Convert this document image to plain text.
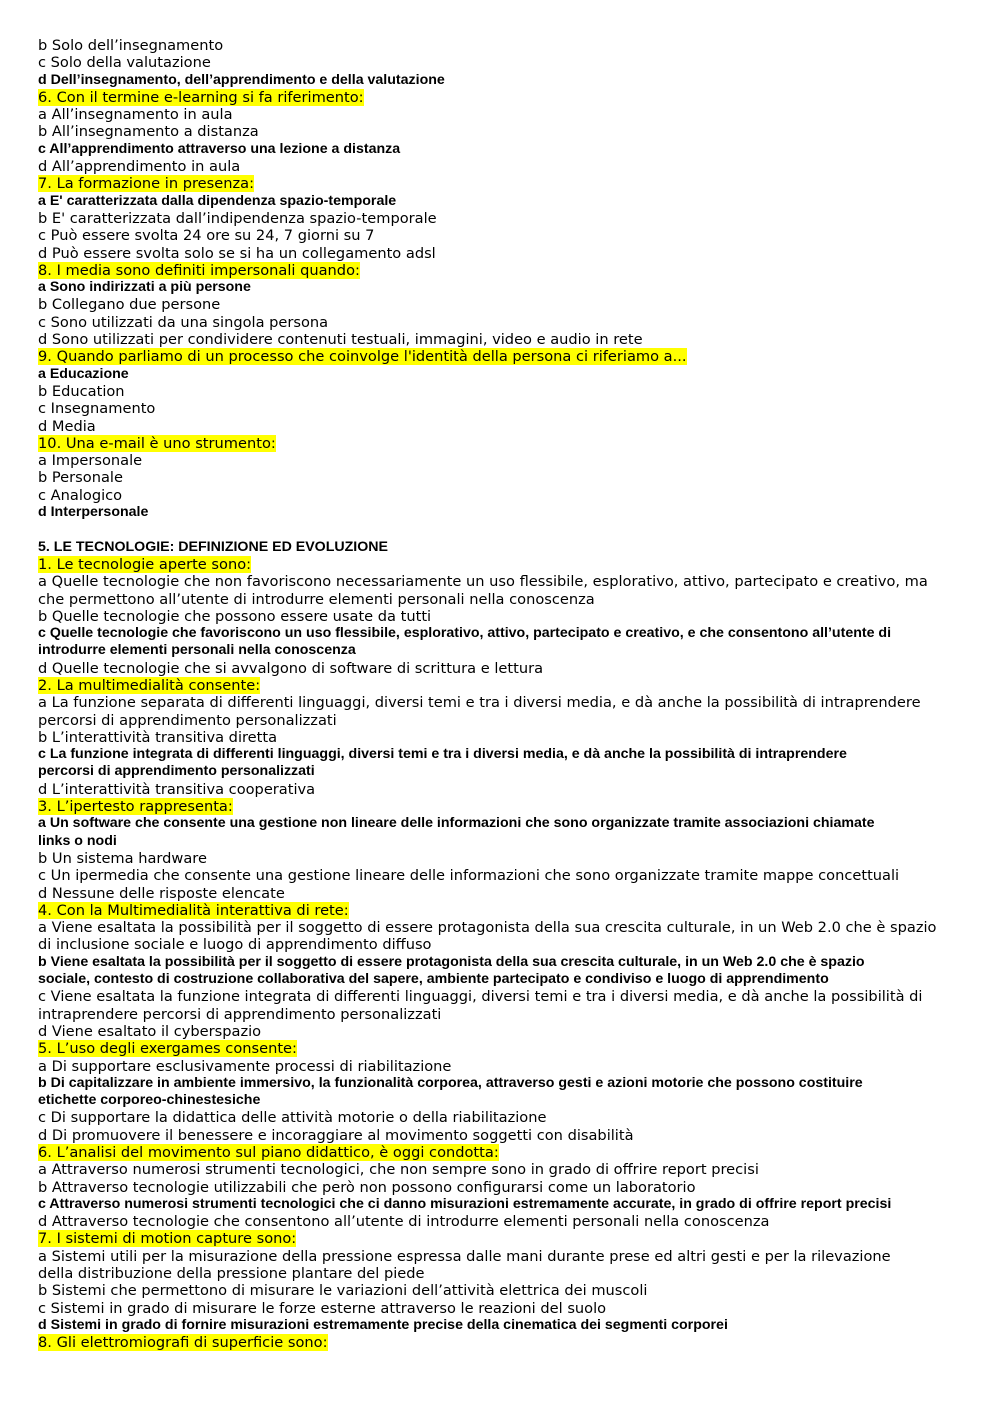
b Solo dell’insegnamento
c Solo della valutazione
d Dell’insegnamento, dell’apprendimento e della valutazione
6. Con il termine e-learning si fa riferimento:
a All’insegnamento in aula
b All’insegnamento a distanza
c All’apprendimento attraverso una lezione a distanza
d All’apprendimento in aula
7. La formazione in presenza:
a E' caratterizzata dalla dipendenza spazio-temporale
b E' caratterizzata dall’indipendenza spazio-temporale
c Può essere svolta 24 ore su 24, 7 giorni su 7
d Può essere svolta solo se si ha un collegamento adsl
8. I media sono definiti impersonali quando:
a Sono indirizzati a più persone
b Collegano due persone
c Sono utilizzati da una singola persona
d Sono utilizzati per condividere contenuti testuali, immagini, video e audio in rete
9. Quando parliamo di un processo che coinvolge l'identità della persona ci riferiamo a...
a Educazione
b Education
c Insegnamento
d Media
10. Una e-mail è uno strumento:
a Impersonale
b Personale
c Analogico
d Interpersonale
5. LE TECNOLOGIE: DEFINIZIONE ED EVOLUZIONE
1. Le tecnologie aperte sono:
a Quelle tecnologie che non favoriscono necessariamente un uso flessibile, esplorativo, attivo, partecipato e creativo, ma
che permettono all’utente di introdurre elementi personali nella conoscenza
b Quelle tecnologie che possono essere usate da tutti
c Quelle tecnologie che favoriscono un uso flessibile, esplorativo, attivo, partecipato e creativo, e che consentono all’utente di
introdurre elementi personali nella conoscenza
d Quelle tecnologie che si avvalgono di software di scrittura e lettura
2. La multimedialità consente:
a La funzione separata di differenti linguaggi, diversi temi e tra i diversi media, e dà anche la possibilità di intraprendere
percorsi di apprendimento personalizzati
b L’interattività transitiva diretta
c La funzione integrata di differenti linguaggi, diversi temi e tra i diversi media, e dà anche la possibilità di intraprendere
percorsi di apprendimento personalizzati
d L’interattività transitiva cooperativa
3. L’ipertesto rappresenta:
a Un software che consente una gestione non lineare delle informazioni che sono organizzate tramite associazioni chiamate
links o nodi
b Un sistema hardware
c Un ipermedia che consente una gestione lineare delle informazioni che sono organizzate tramite mappe concettuali
d Nessune delle risposte elencate
4. Con la Multimedialità interattiva di rete:
a Viene esaltata la possibilità per il soggetto di essere protagonista della sua crescita culturale, in un Web 2.0 che è spazio
di inclusione sociale e luogo di apprendimento diffuso
b Viene esaltata la possibilità per il soggetto di essere protagonista della sua crescita culturale, in un Web 2.0 che è spazio
sociale, contesto di costruzione collaborativa del sapere, ambiente partecipato e condiviso e luogo di apprendimento
c Viene esaltata la funzione integrata di differenti linguaggi, diversi temi e tra i diversi media, e dà anche la possibilità di
intraprendere percorsi di apprendimento personalizzati
d Viene esaltato il cyberspazio
5. L’uso degli exergames consente:
a Di supportare esclusivamente processi di riabilitazione
b Di capitalizzare in ambiente immersivo, la funzionalità corporea, attraverso gesti e azioni motorie che possono costituire
etichette corporeo-chinestesiche
c Di supportare la didattica delle attività motorie o della riabilitazione
d Di promuovere il benessere e incoraggiare al movimento soggetti con disabilità
6. L’analisi del movimento sul piano didattico, è oggi condotta:
a Attraverso numerosi strumenti tecnologici, che non sempre sono in grado di offrire report precisi
b Attraverso tecnologie utilizzabili che però non possono configurarsi come un laboratorio
c Attraverso numerosi strumenti tecnologici che ci danno misurazioni estremamente accurate, in grado di offrire report precisi
d Attraverso tecnologie che consentono all’utente di introdurre elementi personali nella conoscenza
7. I sistemi di motion capture sono:
a Sistemi utili per la misurazione della pressione espressa dalle mani durante prese ed altri gesti e per la rilevazione
della distribuzione della pressione plantare del piede
b Sistemi che permettono di misurare le variazioni dell’attività elettrica dei muscoli
c Sistemi in grado di misurare le forze esterne attraverso le reazioni del suolo
d Sistemi in grado di fornire misurazioni estremamente precise della cinematica dei segmenti corporei
8. Gli elettromiografi di superficie sono:
